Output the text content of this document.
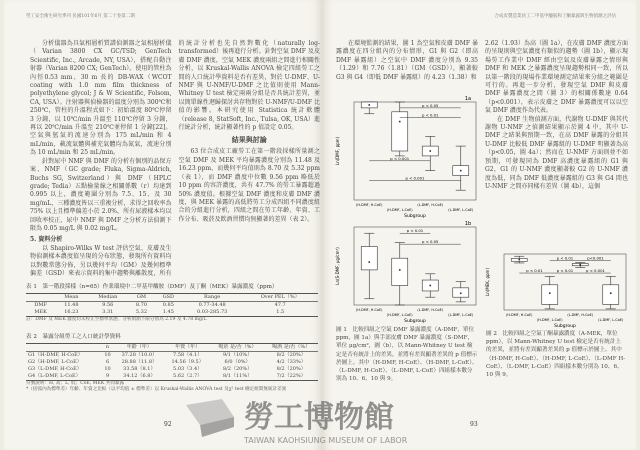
勞工安全衛生研究季刊 民國101年6月 第二十卷第二期

分析儀器為具氣相層析質譜偵測器之氣相層析儀（Varian 3800 CX GC/TSD; GenTech Scientific, Inc., Arcade, NY, USA），搭配自動注射器（Varian 8200 CX; GenTech）。使用的管柱為內徑0.53 mm、30 m 長的 DB-WAX（WCOT coating with 1.0 mm film thickness of polyethylene glycol; J & W Scientific, Folsom, CA, USA）。注射器與偵檢器的溫度分別為 300℃和 250℃，管柱的升溫程式如下：初始溫度 80℃停留 3 分鐘，以 10℃/min 升溫至 110℃停留 3 分鐘，再以 20℃/min 升溫至 210℃並停留 1 分鐘[22]。空氣與氫氣的流速分別為 175 mL/min 和 4 mL/min，載流氣體與補充氣體均為氮氣，流速分別為 10 mL/min 和 25 mL/min。

針對尿中 NMF 與 DMF 的分析有個別的品保方案，NMF（GC grade; Fluka, Sigma-Aldrich, Buchs SG, Switzerland）與 DMF（HPLC grade; Tedia）五點檢量線之相關係數（r）均達到 0.995 以上，濃度範圍分別為 7.5、15、及 30 mg/mL，三種濃度皆以三重複分析，求得之回收率為 75% 以上且標準偏差小於 2.0%，所有尿液樣本均以回收率校正，尿中 NMF 與 DMF 之分析方法偵測下限為 0.05 mg/L 與 0.02 mg/L。

5. 資料分析

以 Shapiro-Wilks W test 評估空氣、皮膚及生物偵測樣本濃度值呈現的分布狀態，發現所有資料均以對數常態分佈，另以幾何平均（GM）及幾何標準偏差（GSD）來表示資料的集中趨勢與離散度，所有的統計分析也先自然對數化（naturally log-transformed）後再進行分析。針對空氣 DMF 及皮膚 DMF 濃度，空氣 MEK 濃度兩組之間進行相關性分析，以 Kruskal-Wallis ANOVA 檢定四組勞工之間的人口統計學資料是否有差異，對於 U-DMF、U-NMF 與 U-NMF/U-DMF 之比值則使用 Mann-Whitney U test 檢定兩兩分組是否具統計差異，並以簡單線性迴歸探討共存物對於 U-NMF/U-DMF 比值的影響。本研究使用 Statistica 統計軟體（release 8, StatSoft, Inc., Tulsa, OK, USA）進行統計分析，統計顯著性的 p 值設定 0.05。

結果與討論

63 位合成皮工廠勞工在第一階段採樣所量測之空氣 DMF 及 MEK 平均暴露濃度分別為 11.48 及 16.23 ppm，而幾何平均值則為 8.70 及 5.32 ppm（表 1），而 DMF 濃度中位數 9.56 ppm 略低於 10 ppm 的容許濃度，共有 47.7% 的勞工暴露超過 50% 濃度值。根據空氣 DMF 濃度和皮膚 DMF 濃度，與 MEK 暴露的高低將勞工分成四組不同濃度組合的分組進行分析，四組之間在勞工年齡、年資、工作分布、吸菸及飲酒習慣均無顯著的差異（表 2）。

表 1　第一階段採樣（n=65）作業環境中二甲基甲醯胺（DMF）及丁酮（MEK）暴露濃度（ppm）
	Mean	Median	GM	GSD	Range	Over PEL（%）
DMF	11.48	9.56	8.70	0.85	0.77-34.48	47.7
MEK	16.23	3.31	5.32	1.45	0.03-285.73	1.5
註：DMF 及 MEK 濃度均未校正至標準狀態，分析偵測下限分別為 2.19 及 4.78 mg/L
表 2　暴露分組勞工之人口統計學資料
	n	年齡（年）	年資（年）	吸菸 是/否（%）	喝酒 是/否（%）
G1（H-DMF, H-CoE）	10	37.28（10.0）	7.58（4.1）	9/1（10%）	8/2（20%）
G2（H-DMF, L-CoE）	6	28.88（11.8）	14.56（9.5）	6/0（0%）	4/2（33%）
G3（L-DMF, H-CoE）	10	33.58（8.1）	5.03（3.4）	8/2（20%）	8/2（20%）
G4（L-DMF, L-CoE）	9	34.12（6.8）	5.62（2.7）	8/1（11%）	7/2（22%）
符號說明：H, 高；L, 低；CoE, MEK 共同暴露
*（括弧內為標準差）年齡、年資之比較（以平均值 ± 標準差）以 Kruskal-Wallis ANOVA test 及χ² test 檢定組間無統計差異
92
合成皮製造業員工二甲基甲醯胺和丁酮暴露與生物偵測之評估

在環境監測的結果，圖 1 為空氣和皮膚 DMF 暴露濃度在四分組內的分布情形，G1 與 G2（即高 DMF 暴露組）之空氣中 DMF 濃度分別為 9.35（1.29）和 7.76（1.81）（GM（GSD）），顯著較 G3 與 G4（即低 DMF 暴露組）的 4.23（1.38）和

1a
Ln(DMF, ppm)
Subgroup
(H-DMF, H-CoE)
(H-DMF, L-CoE)
(L-DMF, H-CoE)
(L-DMF, L-CoE)
p < 0.05
p < 0.01
p < 0.001
p < 0.001
1b
Ln(S-DMF, μg/cm²)
Subgroup
(H-DMF, H-CoE)
(H-DMF, L-CoE)
(L-DMF, H-CoE)
(L-DMF, L-CoE)
p < 0.01
p < 0.05
圖 1　比較四組之空氣 DMF 暴露濃度（A-DMF，單位 ppm，圖 1a）與手部皮膚 DMF 暴露濃度（S-DMF，單位 μg/cm²，圖（b），以 Mann-Whitney U test 檢定是否有統計上的差異，並將有差異顯著差異的 p 值標示於圖上。其中（H-DMF, H-CoE）、（H-DMF, L-CoE）、（L-DMF, H-CoE）、（L-DMF, L-CoE）四組樣本數分別為 10、6、10 與 9。

2.62（1.93）為高（圖 1a），在皮膚 DMF 濃度方面的呈現則與空氣濃度有類似的趨勢（圖 1b），顯示現場勞工作業中 DMF 經由空氣及皮膚暴露之情形與 DMF 和 MEK 之暴露濃度呈現趨勢相同一致，所以以第一階段的現場作業環境測定結果來分組之範圍是可行的。再進一步分析，發現空氣 DMF 與皮膚 DMF 暴露濃度之間（圖 3）的相關係數達 0.64（p<0.001），表示皮膚之 DMF 暴露濃度可以以空氣 DMF 濃度作為代表。

在 DMF 生物偵測方面，代謝物 U-DMF 與其代謝物 U-NMF 之偵測結果顯示於圖 4 中，其中 U-DMF 之結果與預期一致，在高 DMF 暴露的分組其 U-DMF 比較低 DMF 暴露組的 U-DMF 明顯著為高（p<0.05，圖 4a）；然而在 U-NMF 方面則並不如預期，可發現同為 DMF 高濃度暴露組的 G1 與 G2，G1 的 U-NMF 濃度顯著較 G2 的 U-NMF 濃度為低，同為 DMF 低濃度暴露組的 G3 與 G4 間也 U-NMF 之間亦同樣有差異（圖 4b），這個

Ln(MEK, ppm)
Subgroup
(H-DMF, H-CoE)
(H-DMF, L-CoE)
(L-DMF, H-CoE)
(L-DMF, L-CoE)
p < 0.01
p < 0.01	p < 0.01
p<0.001
p < 0.001
圖 2　比較四組之空氣丁酮暴露濃度（A-MEK，單位 ppm），以 Mann-Whitney U test 檢定是否有統計上的差異，並將有差異顯著差異的 p 值標示於圖上。其中（H-DMF, H-CoE）、（H-DMF, L-CoE）、（L-DMF H-CoE）、（L-DMF, L-CoE）四組樣本數分別為 10、6、10 與 9。
93
勞工博物館
TAIWAN KAOHSIUNG MUSEUM OF LABOR
